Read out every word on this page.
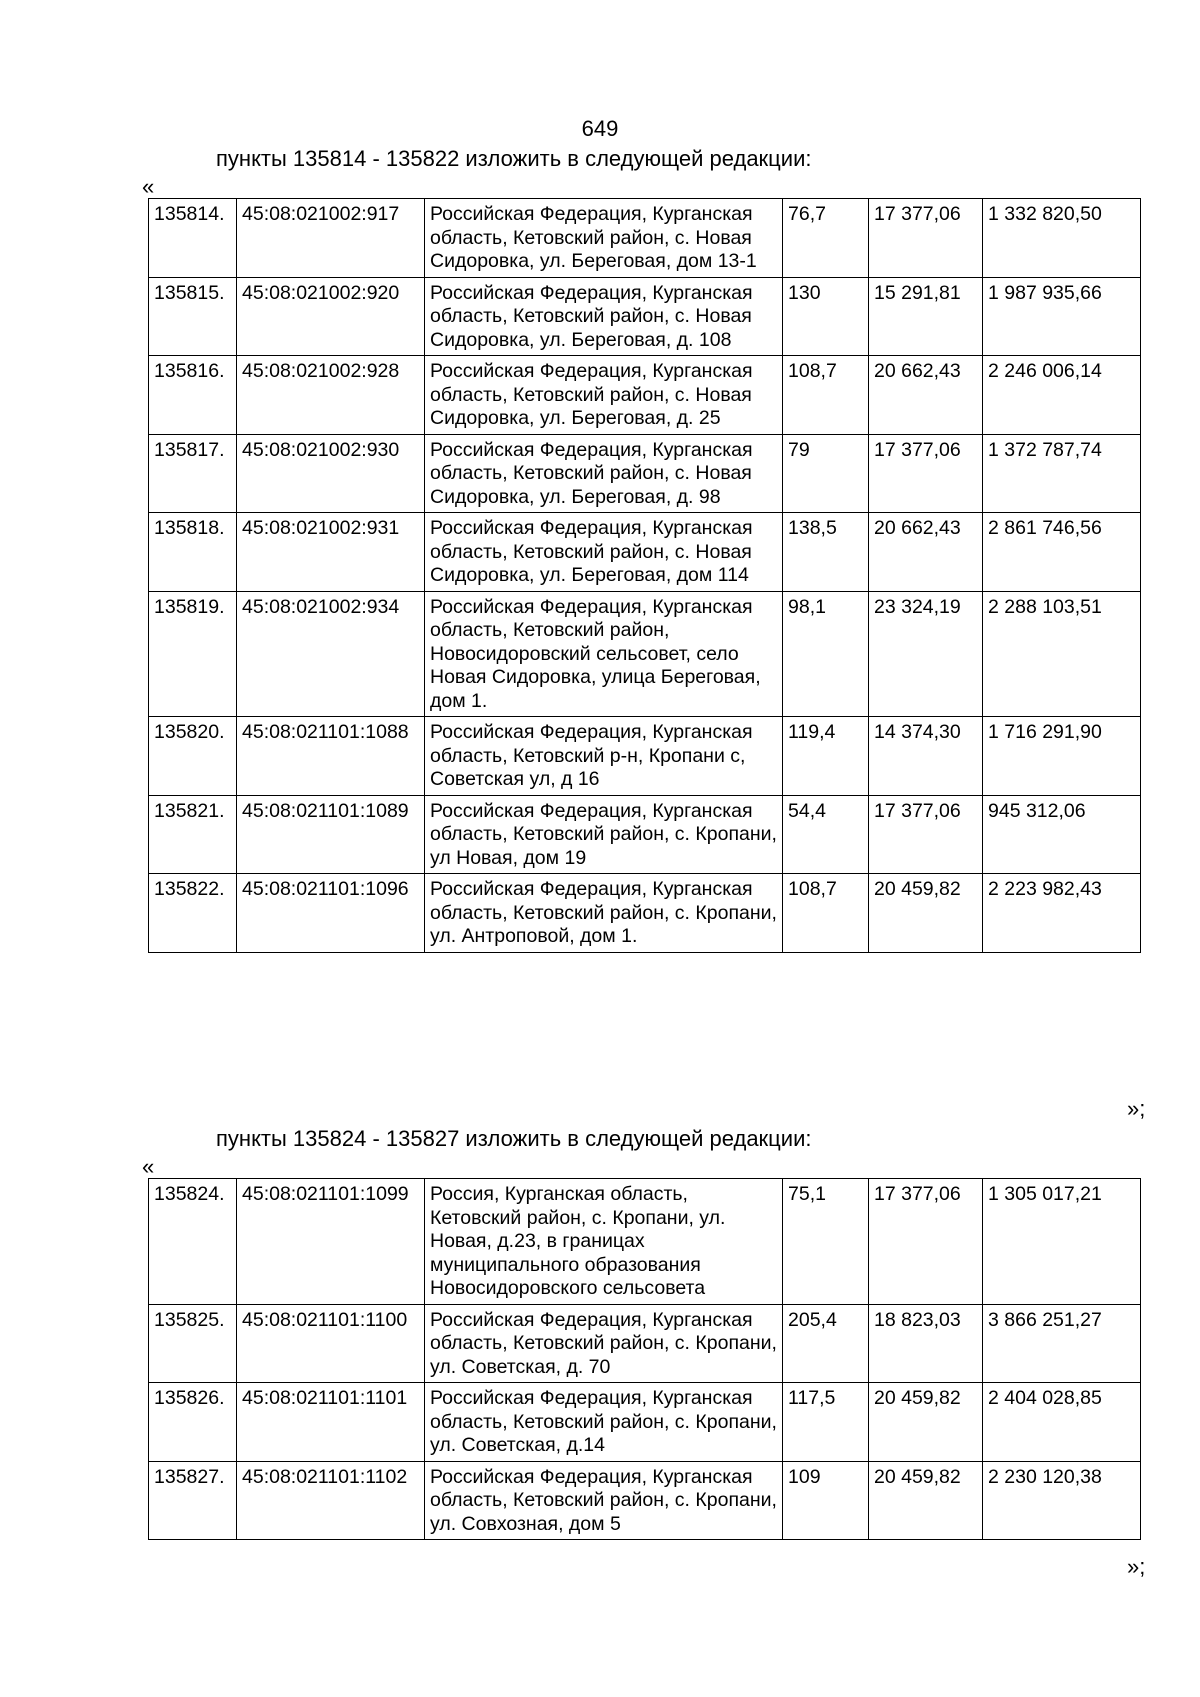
649
пункты 135814 - 135822 изложить в следующей редакции:
«
135814.	45:08:021002:917	Российская Федерация, Курганская область, Кетовский район, с. Новая Сидоровка, ул. Береговая, дом 13-1	76,7	17 377,06	1 332 820,50
135815.	45:08:021002:920	Российская Федерация, Курганская область, Кетовский район, с. Новая Сидоровка, ул. Береговая, д. 108	130	15 291,81	1 987 935,66
135816.	45:08:021002:928	Российская Федерация, Курганская область, Кетовский район, с. Новая Сидоровка, ул. Береговая, д. 25	108,7	20 662,43	2 246 006,14
135817.	45:08:021002:930	Российская Федерация, Курганская область, Кетовский район, с. Новая Сидоровка, ул. Береговая, д. 98	79	17 377,06	1 372 787,74
135818.	45:08:021002:931	Российская Федерация, Курганская область, Кетовский район, с. Новая Сидоровка, ул. Береговая, дом 114	138,5	20 662,43	2 861 746,56
135819.	45:08:021002:934	Российская Федерация, Курганская область, Кетовский район, Новосидоровский сельсовет, село Новая Сидоровка, улица Береговая, дом 1.	98,1	23 324,19	2 288 103,51
135820.	45:08:021101:1088	Российская Федерация, Курганская область, Кетовский р-н, Кропани с, Советская ул, д 16	119,4	14 374,30	1 716 291,90
135821.	45:08:021101:1089	Российская Федерация, Курганская область, Кетовский район, с. Кропани, ул Новая, дом 19	54,4	17 377,06	945 312,06
135822.	45:08:021101:1096	Российская Федерация, Курганская область, Кетовский район, с. Кропани, ул. Антроповой, дом 1.	108,7	20 459,82	2 223 982,43
»;
пункты 135824 - 135827 изложить в следующей редакции:
«
135824.	45:08:021101:1099	Россия, Курганская область, Кетовский район, с. Кропани, ул. Новая, д.23, в границах муниципального образования Новосидоровского сельсовета	75,1	17 377,06	1 305 017,21
135825.	45:08:021101:1100	Российская Федерация, Курганская область, Кетовский район, с. Кропани, ул. Советская, д. 70	205,4	18 823,03	3 866 251,27
135826.	45:08:021101:1101	Российская Федерация, Курганская область, Кетовский район, с. Кропани, ул. Советская, д.14	117,5	20 459,82	2 404 028,85
135827.	45:08:021101:1102	Российская Федерация, Курганская область, Кетовский район, с. Кропани, ул. Совхозная, дом 5	109	20 459,82	2 230 120,38
»;
